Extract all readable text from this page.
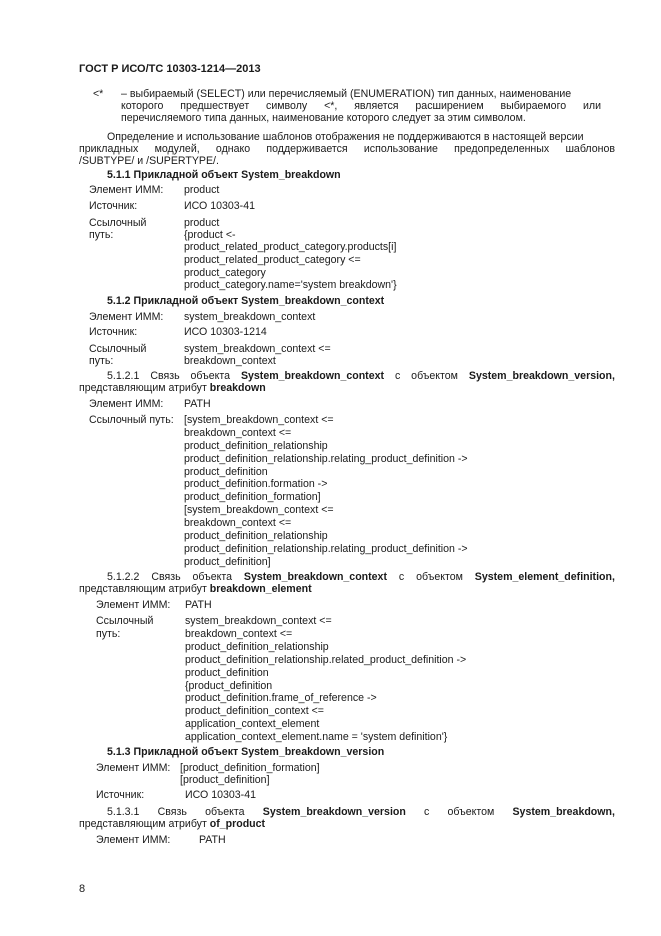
ГОСТ Р ИСО/ТС 10303-1214—2013
<* – выбираемый (SELECT) или перечисляемый (ENUMERATION) тип данных, наименование
которого предшествует символу <*, является расширением выбираемого или
перечисляемого типа данных, наименование которого следует за этим символом.
Определение и использование шаблонов отображения не поддерживаются в настоящей версии
прикладных модулей, однако поддерживается использование предопределенных шаблонов
/SUBTYPE/ и /SUPERTYPE/.
5.1.1 Прикладной объект System_breakdown
Элемент ИММ: product
Источник:	ИСО 10303-41
Ссылочный
путь:
product
{product <-
product_related_product_category.products[i]
product_related_product_category <=
product_category
product_category.name='system breakdown'}
5.1.2 Прикладной объект System_breakdown_context
Элемент ИММ: system_breakdown_context
Источник:	ИСО 10303-1214
Ссылочный
путь:
system_breakdown_context <=
breakdown_context
5.1.2.1 Связь объекта System_breakdown_context с объектом System_breakdown_version,
представляющим атрибут breakdown
Элемент ИММ: PATH
Ссылочный путь: [system_breakdown_context <=
breakdown_context <=
product_definition_relationship
product_definition_relationship.relating_product_definition ->
product_definition
product_definition.formation ->
product_definition_formation]
[system_breakdown_context <=
breakdown_context <=
product_definition_relationship
product_definition_relationship.relating_product_definition ->
product_definition]
5.1.2.2 Связь объекта System_breakdown_context с объектом System_element_definition,
представляющим атрибут breakdown_element
Элемент ИММ: PATH
Ссылочный
путь:
system_breakdown_context <=
breakdown_context <=
product_definition_relationship
product_definition_relationship.related_product_definition ->
product_definition
{product_definition
product_definition.frame_of_reference ->
product_definition_context <=
application_context_element
application_context_element.name = 'system definition'}
5.1.3 Прикладной объект System_breakdown_version
Элемент ИММ: [product_definition_formation]
[product_definition]
Источник:	ИСО 10303-41
5.1.3.1 Связь объекта System_breakdown_version с объектом System_breakdown,
представляющим атрибут of_product
Элемент ИММ:	PATH
8
